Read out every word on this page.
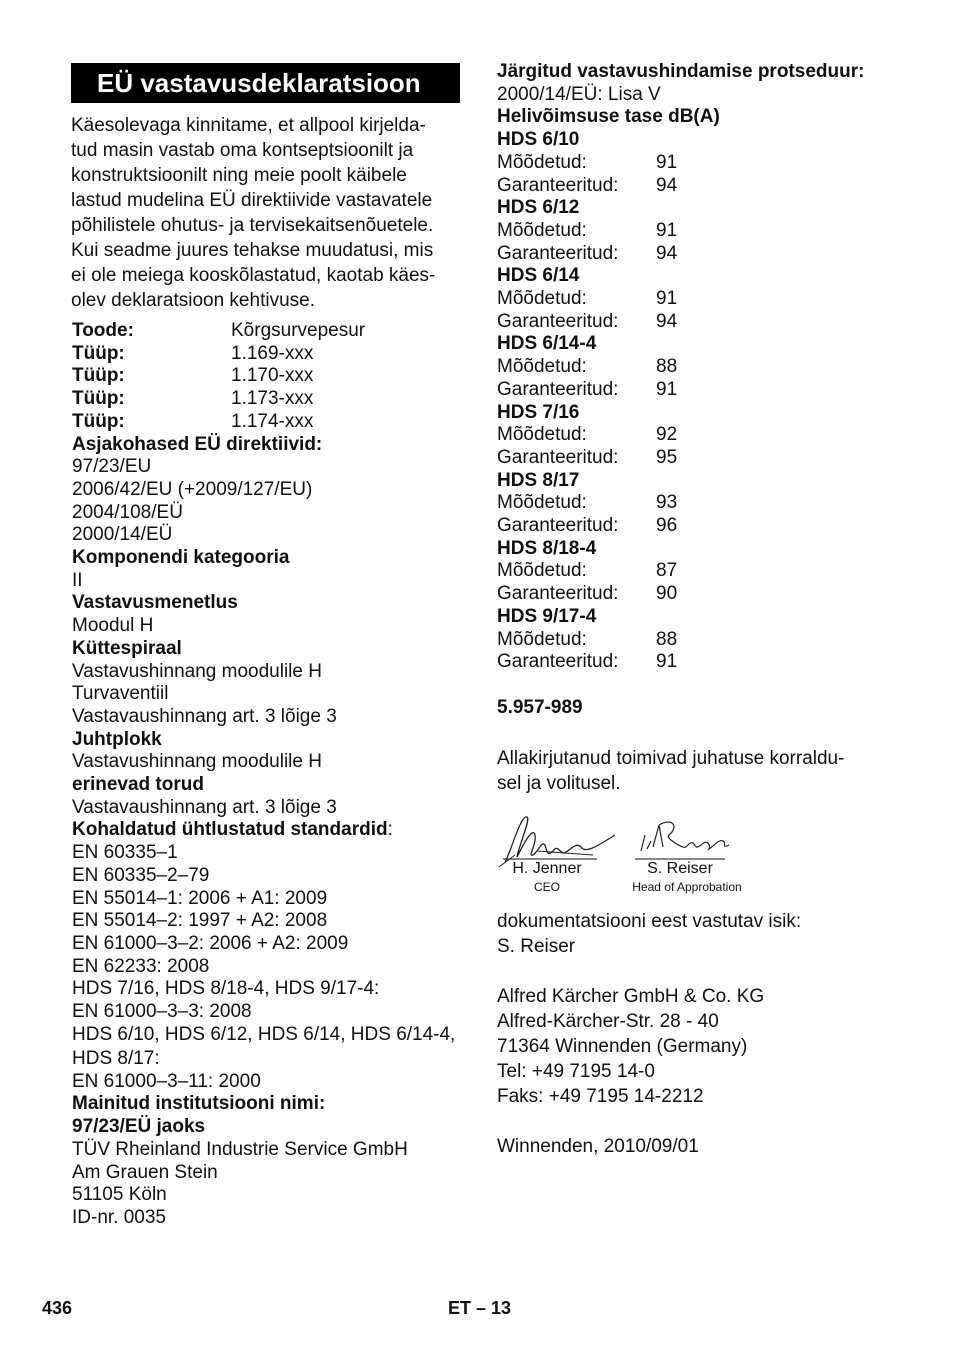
EÜ vastavusdeklaratsioon

Käesolevaga kinnitame, et allpool kirjelda-

tud masin vastab oma kontseptsioonilt ja

konstruktsioonilt ning meie poolt käibele

lastud mudelina EÜ direktiivide vastavatele

põhilistele ohutus- ja tervisekaitsenõuetele.

Kui seadme juures tehakse muudatusi, mis

ei ole meiega kooskõlastatud, kaotab käes-

olev deklaratsioon kehtivuse.

Toode:	Kõrgsurvepesur
Tüüp:	1.169-xxx
Tüüp:	1.170-xxx
Tüüp:	1.173-xxx
Tüüp:	1.174-xxx
Asjakohased EÜ direktiivid:
97/23/EU
2006/42/EU (+2009/127/EU)
2004/108/EÜ
2000/14/EÜ
Komponendi kategooria
II
Vastavusmenetlus
Moodul H
Küttespiraal
Vastavushinnang moodulile H
Turvaventiil
Vastavaushinnang art. 3 lõige 3
Juhtplokk
Vastavushinnang moodulile H
erinevad torud
Vastavaushinnang art. 3 lõige 3
Kohaldatud ühtlustatud standardid:
EN 60335–1
EN 60335–2–79
EN 55014–1: 2006 + A1: 2009
EN 55014–2: 1997 + A2: 2008
EN 61000–3–2: 2006 + A2: 2009
EN 62233: 2008
HDS 7/16, HDS 8/18-4, HDS 9/17-4:
EN 61000–3–3: 2008
HDS 6/10, HDS 6/12, HDS 6/14, HDS 6/14-4,
HDS 8/17:
EN 61000–3–11: 2000
Mainitud institutsiooni nimi:
97/23/EÜ jaoks
TÜV Rheinland Industrie Service GmbH
Am Grauen Stein
51105 Köln
ID-nr. 0035
Järgitud vastavushindamise protseduur:
2000/14/EÜ: Lisa V
Helivõimsuse tase dB(A)
HDS 6/10
Mõõdetud:	91
Garanteeritud: 94
HDS 6/12
Mõõdetud:	91
Garanteeritud: 94
HDS 6/14
Mõõdetud:	91
Garanteeritud: 94
HDS 6/14-4
Mõõdetud:	88
Garanteeritud: 91
HDS 7/16
Mõõdetud:	92
Garanteeritud: 95
HDS 8/17
Mõõdetud:	93
Garanteeritud: 96
HDS 8/18-4
Mõõdetud:	87
Garanteeritud: 90
HDS 9/17-4
Mõõdetud:	88
Garanteeritud: 91
5.957-989
Allakirjutanud toimivad juhatuse korraldu-
sel ja volitusel.
H. Jenner
CEO
S. Reiser
Head of Approbation
dokumentatsiooni eest vastutav isik:
S. Reiser
Alfred Kärcher GmbH & Co. KG
Alfred-Kärcher-Str. 28 - 40
71364 Winnenden (Germany)
Tel: +49 7195 14-0
Faks: +49 7195 14-2212
Winnenden, 2010/09/01
436	ET – 13
